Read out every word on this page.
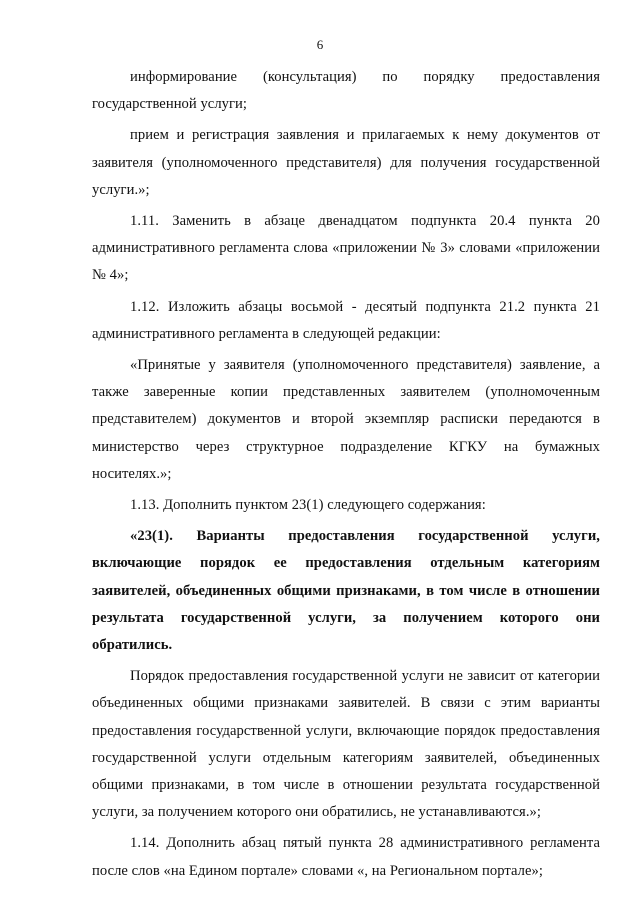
6

информирование (консультация) по порядку предоставления государственной услуги;

прием и регистрация заявления и прилагаемых к нему документов от заявителя (уполномоченного представителя) для получения государственной услуги.»;

1.11. Заменить в абзаце двенадцатом подпункта 20.4 пункта 20 административного регламента слова «приложении № 3» словами «приложении № 4»;

1.12. Изложить абзацы восьмой - десятый подпункта 21.2 пункта 21 административного регламента в следующей редакции:

«Принятые у заявителя (уполномоченного представителя) заявление, а также заверенные копии представленных заявителем (уполномоченным представителем) документов и второй экземпляр расписки передаются в министерство через структурное подразделение КГКУ на бумажных носителях.»;

1.13. Дополнить пунктом 23(1) следующего содержания:

«23(1). Варианты предоставления государственной услуги, включающие порядок ее предоставления отдельным категориям заявителей, объединенных общими признаками, в том числе в отношении результата государственной услуги, за получением которого они обратились.

Порядок предоставления государственной услуги не зависит от категории объединенных общими признаками заявителей. В связи с этим варианты предоставления государственной услуги, включающие порядок предоставления государственной услуги отдельным категориям заявителей, объединенных общими признаками, в том числе в отношении результата государственной услуги, за получением которого они обратились, не устанавливаются.»;

1.14. Дополнить абзац пятый пункта 28 административного регламента после слов «на Едином портале» словами «, на Региональном портале»;
